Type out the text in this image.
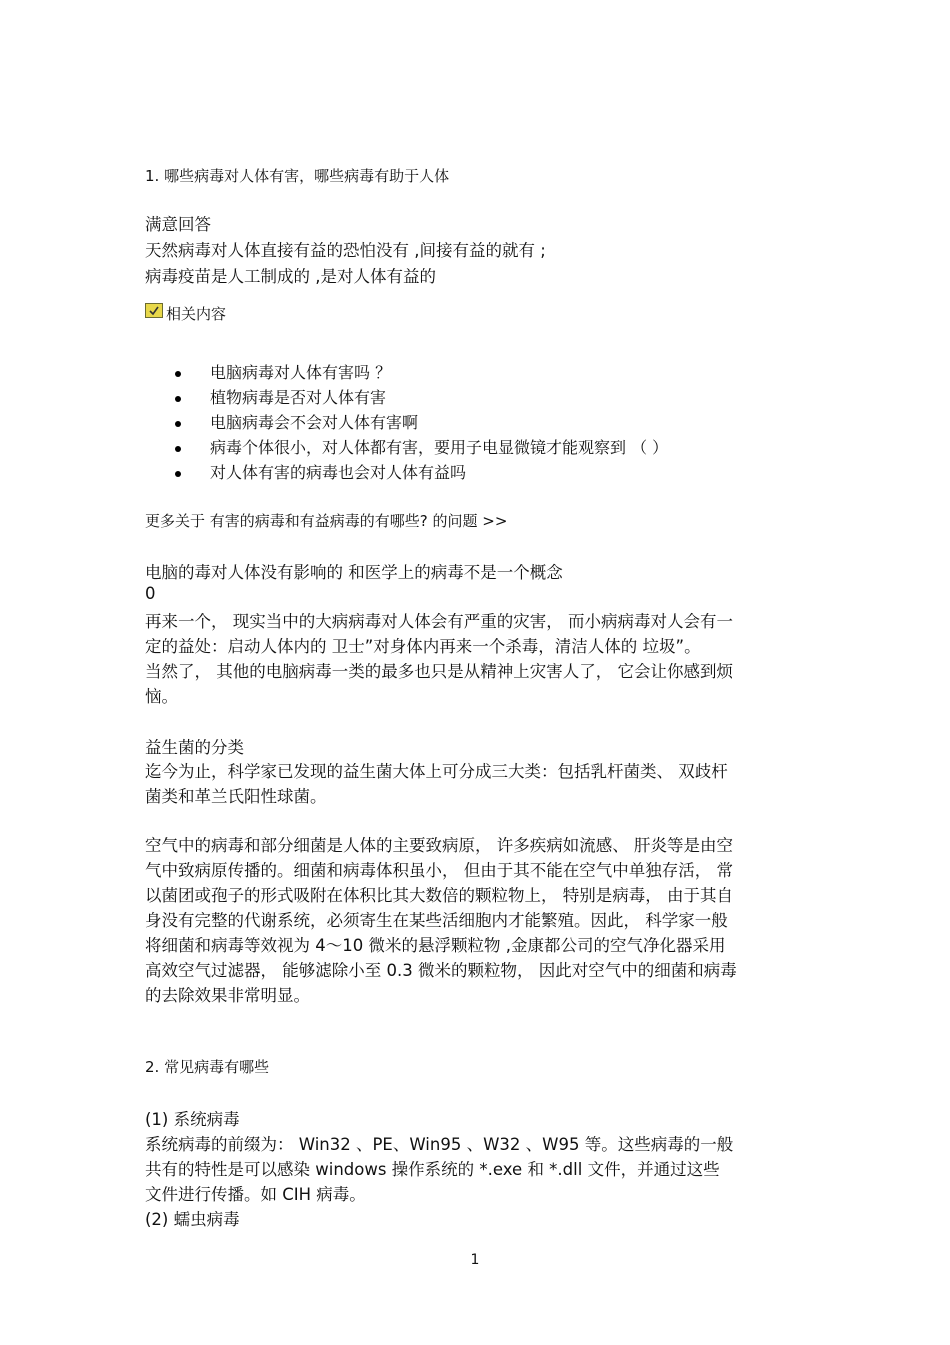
1. 哪些病毒对人体有害，哪些病毒有助于人体
满意回答
天然病毒对人体直接有益的恐怕没有 ,间接有益的就有 ;
病毒疫苗是人工制成的 ,是对人体有益的
相关内容
电脑病毒对人体有害吗 ？
植物病毒是否对人体有害
电脑病毒会不会对人体有害啊
病毒个体很小，对人体都有害，要用子电显微镜才能观察到 （ ）
对人体有害的病毒也会对人体有益吗
更多关于 有害的病毒和有益病毒的有哪些? 的问题 >>
电脑的毒对人体没有影响的 和医学上的病毒不是一个概念
0
再来一个， 现实当中的大病病毒对人体会有严重的灾害， 而小病病毒对人会有一
定的益处：启动人体内的 卫士”对身体内再来一个杀毒，清洁人体的 垃圾”。
当然了， 其他的电脑病毒一类的最多也只是从精神上灾害人了， 它会让你感到烦
恼。
益生菌的分类
迄今为止，科学家已发现的益生菌大体上可分成三大类：包括乳杆菌类、 双歧杆
菌类和革兰氏阳性球菌。
空气中的病毒和部分细菌是人体的主要致病原， 许多疾病如流感、 肝炎等是由空
气中致病原传播的。细菌和病毒体积虽小， 但由于其不能在空气中单独存活， 常
以菌团或孢子的形式吸附在体积比其大数倍的颗粒物上， 特别是病毒， 由于其自
身没有完整的代谢系统，必须寄生在某些活细胞内才能繁殖。因此， 科学家一般
将细菌和病毒等效视为 4～10 微米的悬浮颗粒物 ,金康都公司的空气净化器采用
高效空气过滤器， 能够滤除小至 0.3 微米的颗粒物， 因此对空气中的细菌和病毒
的去除效果非常明显。
2. 常见病毒有哪些
(1) 系统病毒
系统病毒的前缀为： Win32 、PE、Win95 、W32 、W95 等。这些病毒的一般
共有的特性是可以感染 windows 操作系统的 *.exe 和 *.dll 文件，并通过这些
文件进行传播。如 CIH 病毒。
(2) 蠕虫病毒
1
